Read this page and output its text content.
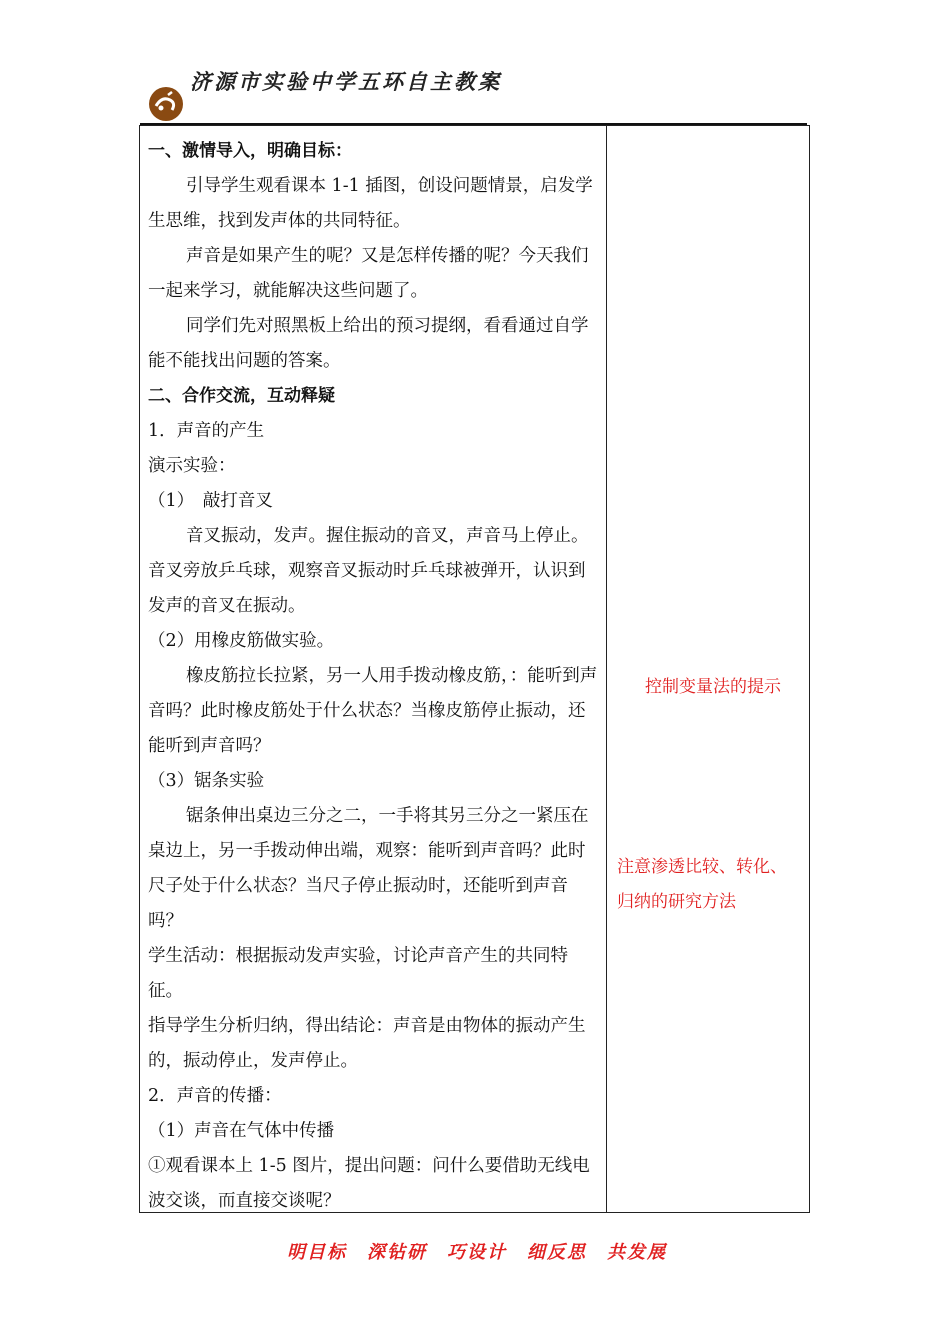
济源市实验中学五环自主教案

一、激情导入，明确目标：

引导学生观看课本 1-1 插图，创设问题情景，启发学生思维，找到发声体的共同特征。

声音是如果产生的呢？又是怎样传播的呢？今天我们一起来学习，就能解决这些问题了。

同学们先对照黑板上给出的预习提纲，看看通过自学能不能找出问题的答案。

二、合作交流，互动释疑

1．声音的产生

演示实验：

（1）　敲打音叉

音叉振动，发声。握住振动的音叉，声音马上停止。音叉旁放乒乓球，观察音叉振动时乒乓球被弹开，认识到发声的音叉在振动。

（2）用橡皮筋做实验。

橡皮筋拉长拉紧，另一人用手拨动橡皮筋，：能听到声音吗？此时橡皮筋处于什么状态？当橡皮筋停止振动，还能听到声音吗？

（3）锯条实验

锯条伸出桌边三分之二，一手将其另三分之一紧压在桌边上，另一手拨动伸出端，观察：能听到声音吗？此时尺子处于什么状态？当尺子停止振动时，还能听到声音吗？

学生活动：根据振动发声实验，讨论声音产生的共同特征。

指导学生分析归纳，得出结论：声音是由物体的振动产生的，振动停止，发声停止。

2．声音的传播：

（1）声音在气体中传播

①观看课本上 1-5 图片，提出问题：问什么要借助无线电波交谈，而直接交谈呢？

控制变量法的提示
注意渗透比较、转化、归纳的研究方法
明目标　深钻研　巧设计　细反思　共发展
